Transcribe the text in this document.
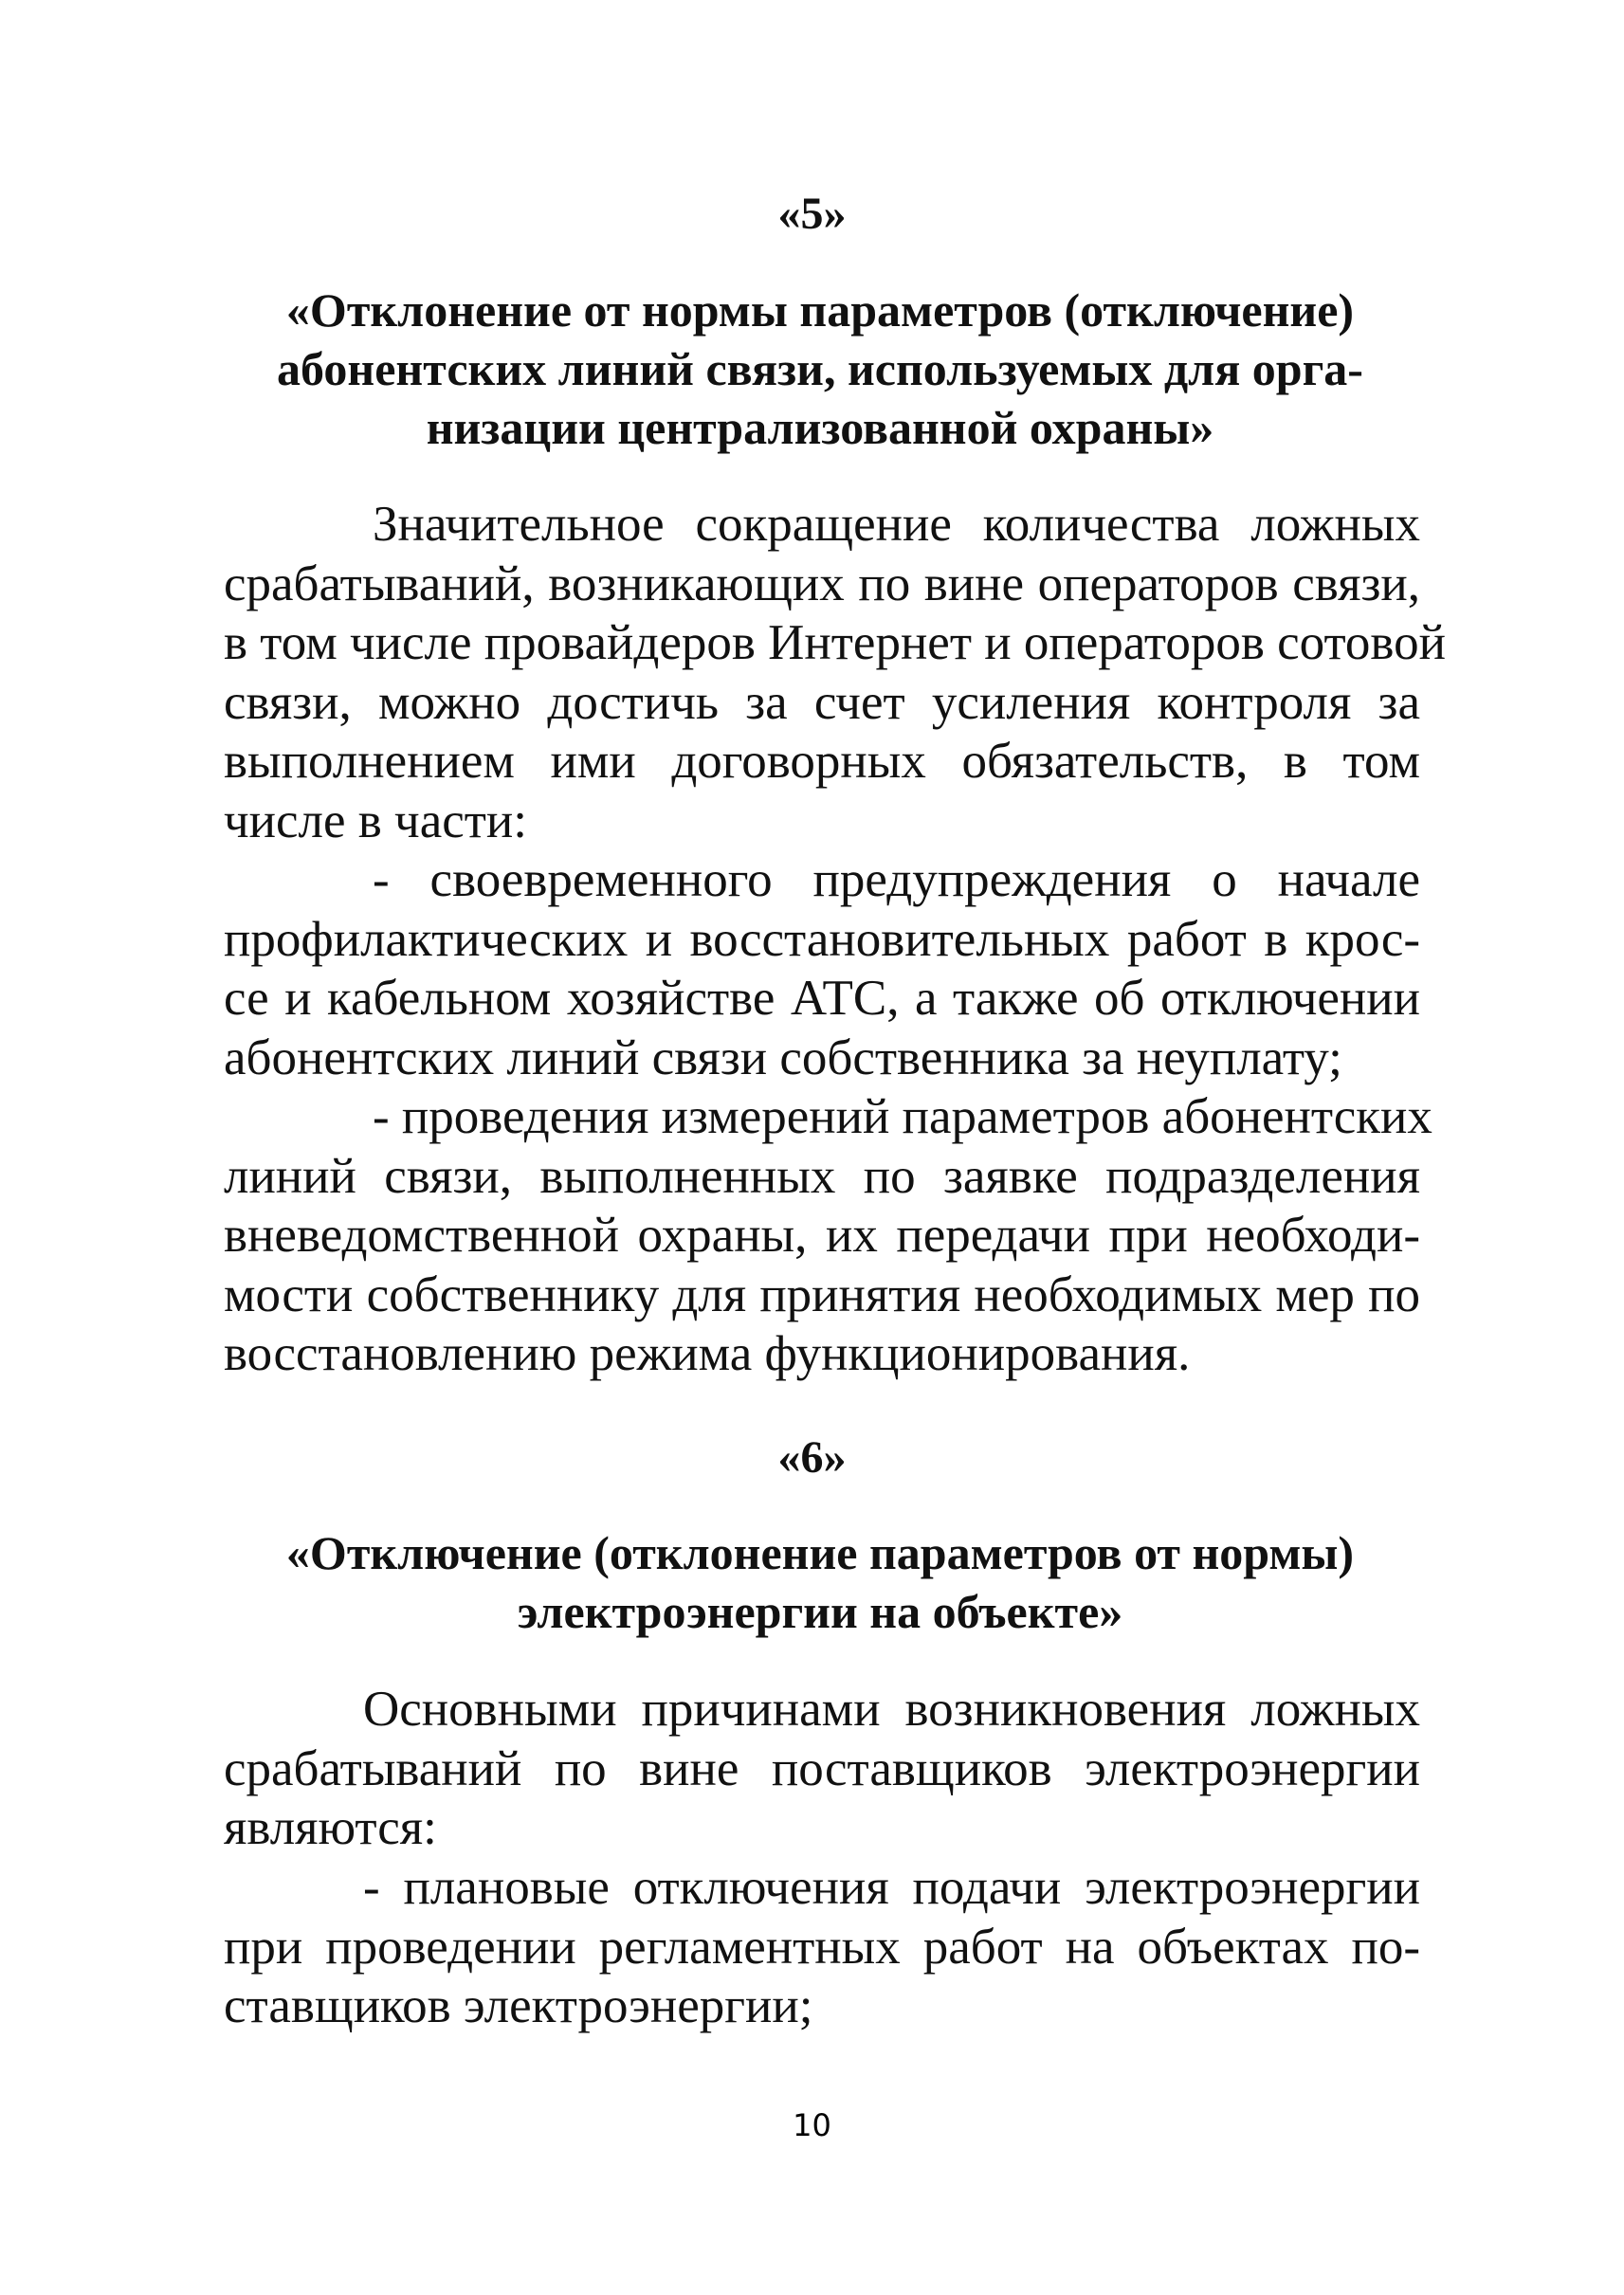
«5»
«Отклонение от нормы параметров (отключение)
абонентских линий связи, используемых для орга-
низации централизованной охраны»
Значительное сокращение количества ложных
срабатываний, возникающих по вине операторов связи,
в том числе провайдеров Интернет и операторов сотовой
связи, можно достичь за счет усиления контроля за
выполнением ими договорных обязательств, в том
числе в части:
- своевременного предупреждения о начале
профилактических и восстановительных работ в крос-
се и кабельном хозяйстве АТС, а также об отключении
абонентских линий связи собственника за неуплату;
- проведения измерений параметров абонентских
линий связи, выполненных по заявке подразделения
вневедомственной охраны, их передачи при необходи-
мости собственнику для принятия необходимых мер по
восстановлению режима функционирования.
«6»
«Отключение (отклонение параметров от нормы)
электроэнергии на объекте»
Основными причинами возникновения ложных
срабатываний по вине поставщиков электроэнергии
являются:
- плановые отключения подачи электроэнергии
при проведении регламентных работ на объектах по-
ставщиков электроэнергии;
10
